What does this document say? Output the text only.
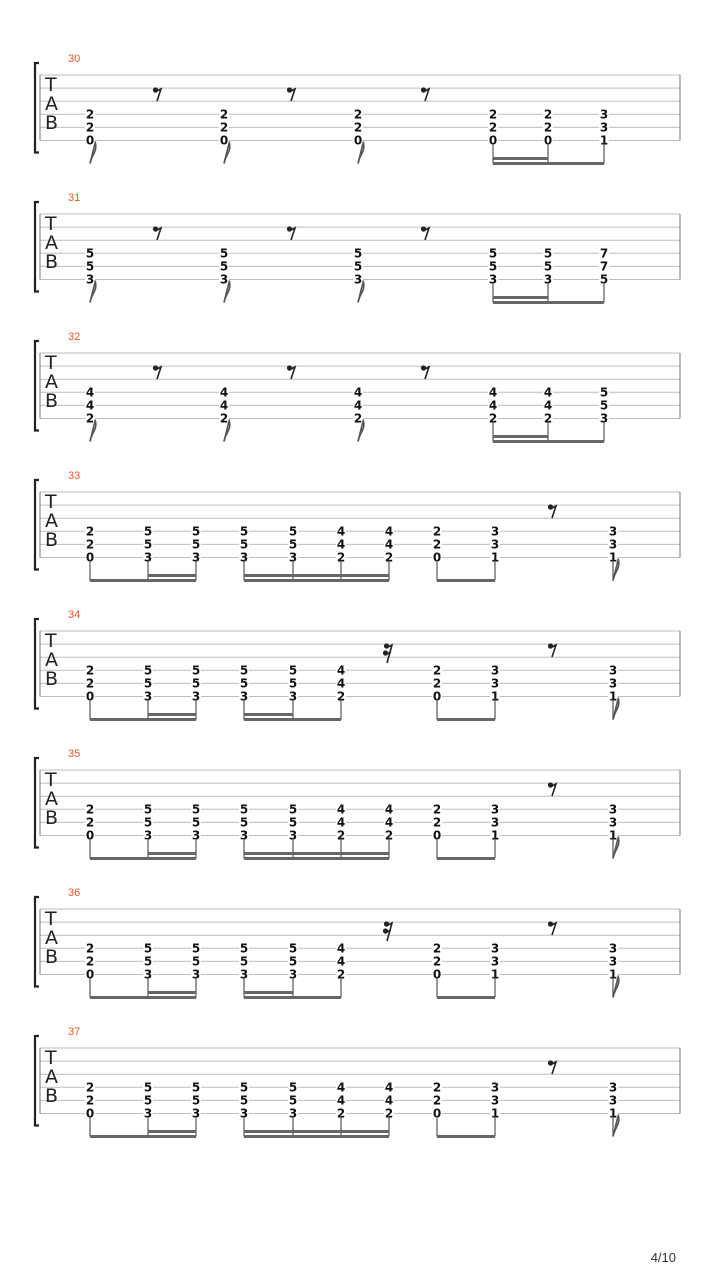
30
T
A
B 2
2
0
2
2
0
2
2
0
2
2
0
2
2
0
3
3
1
31
T
A
B 5
5
3
5
5
3
5
5
3
5
5
3
5
5
3
7
7
5
32
T
A
B 4
4
2
4
4
2
4
4
2
4
4
2
4
4
2
5
5
3
33
T
A
B 2
2
0
5
5
3
5
5
3
5
5
3
5
5
3
4
4
2
4
4
2
2
2
0
3
3
1
3
3
1
34
T
A
B 2
2
0
5
5
3
5
5
3
5
5
3
5
5
3
4
4
2
2
2
0
3
3
1
3
3
1
35
T
A
B 2
2
0
5
5
3
5
5
3
5
5
3
5
5
3
4
4
2
4
4
2
2
2
0
3
3
1
3
3
1
36
T
A
B 2
2
0
5
5
3
5
5
3
5
5
3
5
5
3
4
4
2
2
2
0
3
3
1
3
3
1
37
T
A
B 2
2
0
5
5
3
5
5
3
5
5
3
5
5
3
4
4
2
4
4
2
2
2
0
3
3
1
3
3
1
4/10
